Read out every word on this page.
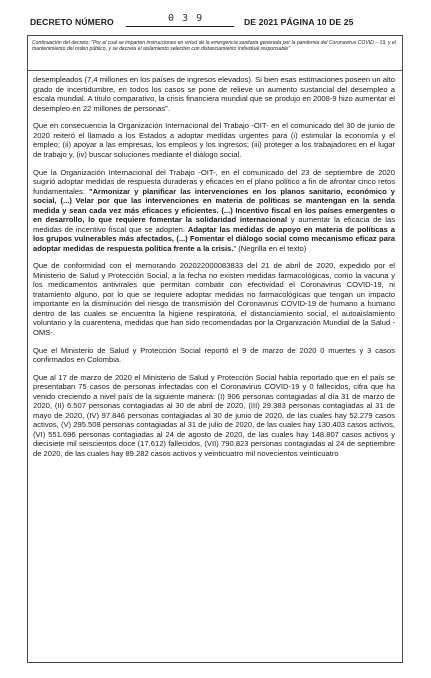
DECRETO NÚMERO	0 3 9	DE 2021 PÁGINA 10 DE 25
Continuación del decreto: "Por el cual se imparten instrucciones en virtud de la emergencia sanitaria generada por la pandemia del Coronavirus COVID – 19, y el mantenimiento del orden público, y se decreta el aislamiento selectivo con distanciamiento individual responsable"

desempleados (7,4 millones en los países de ingresos elevados). Si bien esas estimaciones poseen un alto grado de incertidumbre, en todos los casos se pone de relieve un aumento sustancial del desempleo a escala mundial. A título comparativo, la crisis financiera mundial que se produjo en 2008-9 hizo aumentar el desempleo en 22 millones de personas".

Que en consecuencia la Organización Internacional del Trabajo -OIT- en el comunicado del 30 de junio de 2020 reiteró el llamado a los Estados a adoptar medidas urgentes para (i) estimular la economía y el empleo; (ii) apoyar a las empresas, los empleos y los ingresos; (iii) proteger a los trabajadores en el lugar de trabajo y, (iv) buscar soluciones mediante el diálogo social.

Que la Organización Internacional del Trabajo -OIT-, en el comunicado del 23 de septiembre de 2020 sugirió adoptar medidas de respuesta duraderas y eficaces en el plano político a fin de afrontar cinco retos fundamentales: "Armonizar y planificar las intervenciones en los planos sanitario, económico y social, (...) Velar por que las intervenciones en materia de políticas se mantengan en la senda medida y sean cada vez más eficaces y eficientes. (...) Incentivo fiscal en los países emergentes o en desarrollo, lo que requiere fomentar la solidaridad internacional y aumentar la eficacia de las medidas de incentivo fiscal que se adopten. Adaptar las medidas de apoyo en materia de políticas a los grupos vulnerables más afectados, (...) Fomentar el diálogo social como mecanismo eficaz para adoptar medidas de respuesta política frente a la crisis." (Negrilla en el texto)

Que de conformidad con el memorando 202022000083833 del 21 de abril de 2020, expedido por el Ministerio de Salud y Protección Social, a la fecha no existen medidas farmacológicas, como la vacuna y los medicamentos antivirales que permitan combatir con efectividad el Coronavirus COVID-19, ni tratamiento alguno, por lo que se requiere adoptar medidas no farmacológicas que tengan un impacto importante en la disminución del riesgo de transmisión del Coronavirus COVID-19 de humano a humano dentro de las cuales se encuentra la higiene respiratoria, el distanciamiento social, el autoaislamiento voluntario y la cuarentena, medidas que han sido recomendadas por la Organización Mundial de la Salud -OMS-.

Que el Ministerio de Salud y Protección Social reportó el 9 de marzo de 2020 0 muertes y 3 casos confirmados en Colombia.

Que al 17 de marzo de 2020 el Ministerio de Salud y Protección Social había reportado que en el país se presentaban 75 casos de personas infectadas con el Coronavirus COVID-19 y 0 fallecidos, cifra que ha venido creciendo a nivel país de la siguiente manera: (I) 906 personas contagiadas al día 31 de marzo de 2020, (II) 6.507 personas contagiadas al 30 de abril de 2020, (III) 29.383 personas contagiadas al 31 de mayo de 2020, (IV) 97.846 personas contagiadas al 30 de junio de 2020, de las cuales hay 52.279 casos activos, (V) 295.508 personas contagiadas al 31 de julio de 2020, de las cuales hay 130.403 casos activos, (VI) 551.696 personas contagiadas al 24 de agosto de 2020, de las cuales hay 148.807 casos activos y diecisiete mil seiscientos doce (17.612) fallecidos, (VII) 790.823 personas contagiadas al 24 de septiembre de 2020, de las cuales hay 89.282 casos activos y veinticuatro mil novecientos veinticuatro
